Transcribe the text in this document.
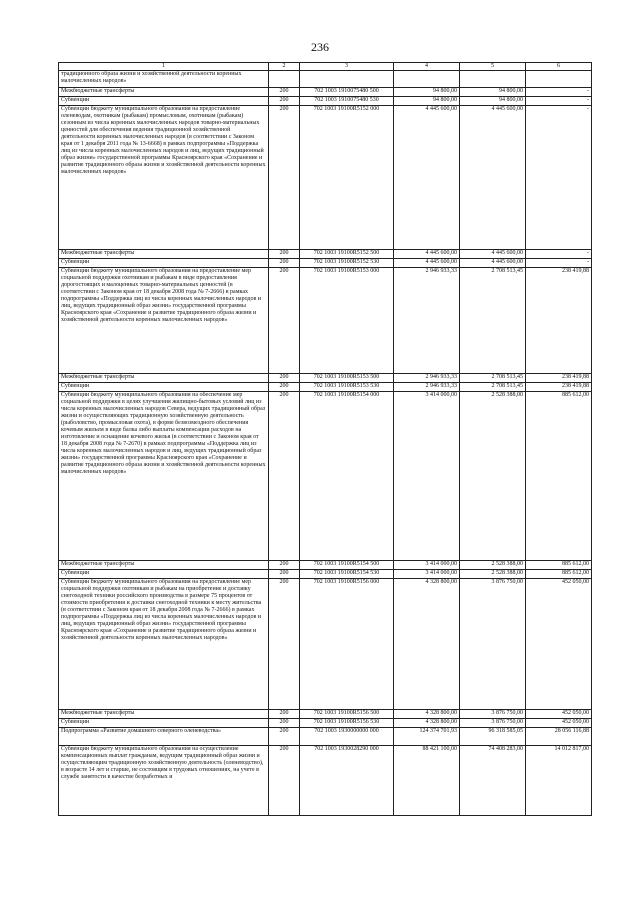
236
1	2	3	4	5	6
традиционного образа жизни и хозяйственной деятельности коренных малочисленных народов»					
Межбюджетные трансферты	200	702 1003 1910075480 500	94 800,00	94 800,00	-
Субвенции	200	702 1003 1910075480 530	94 800,00	94 800,00	-
Субвенции бюджету муниципального образования на предоставление оленеводам, охотникам (рыбакам) промысловым, охотникам (рыбакам) сезонным из числа коренных малочисленных народов товарно-материальных ценностей для обеспечения ведения традиционной хозяйственной деятельности коренных малочисленных народов (в соответствии с Законом края от 1 декабря 2011 года № 13-6668) в рамках подпрограммы «Поддержка лиц из числа коренных малочисленных народов и лиц, ведущих традиционный образ жизни» государственной программы Красноярского края «Сохранение и развитие традиционного образа жизни и хозяйственной деятельности коренных малочисленных народов»	200	702 1003 19100R5152 000	4 445 600,00	4 445 600,00	-
Межбюджетные трансферты	200	702 1003 19100R5152 500	4 445 600,00	4 445 600,00	-
Субвенции	200	702 1003 19100R5152 530	4 445 600,00	4 445 600,00	-
Субвенции бюджету муниципального образования на предоставление мер социальной поддержки охотникам и рыбакам в виде предоставления дорогостоящих и малоценных товарно-материальных ценностей (в соответствии с Законом края от 18 декабря 2008 года № 7-2666) в рамках подпрограммы «Поддержка лиц из числа коренных малочисленных народов и лиц, ведущих традиционный образ жизни» государственной программы Красноярского края «Сохранение и развитие традиционного образа жизни и хозяйственной деятельности коренных малочисленных народов»	200	702 1003 19100R5153 000	2 946 933,33	2 708 513,45	238 419,88
Межбюджетные трансферты	200	702 1003 19100R5153 500	2 946 933,33	2 708 513,45	238 419,88
Субвенции	200	702 1003 19100R5153 530	2 946 933,33	2 708 513,45	238 419,88
Субвенции бюджету муниципального образования на обеспечение мер социальной поддержки в целях улучшения жилищно-бытовых условий лиц из числа коренных малочисленных народов Севера, ведущих традиционный образ жизни и осуществляющих традиционную хозяйственную деятельность (рыболовство, промысловая охота), в форме безвозмездного обеспечения кочевым жильем в виде балка либо выплаты компенсации расходов на изготовление и оснащение кочевого жилья (в соответствии с Законом края от 18 декабря 2008 года № 7-2670) в рамках подпрограммы «Поддержка лиц из числа коренных малочисленных народов и лиц, ведущих традиционный образ жизни» государственной программы Красноярского края «Сохранение и развитие традиционного образа жизни и хозяйственной деятельности коренных малочисленных народов»	200	702 1003 19100R5154 000	3 414 000,00	2 528 388,00	885 612,00
Межбюджетные трансферты	200	702 1003 19100R5154 500	3 414 000,00	2 528 388,00	885 612,00
Субвенции	200	702 1003 19100R5154 530	3 414 000,00	2 528 388,00	885 612,00
Субвенции бюджету муниципального образования на предоставление мер социальной поддержки охотникам и рыбакам на приобретение и доставку снегоходной техники российского производства в размере 75 процентов от стоимости приобретения и доставки снегоходной техники к месту жительства (в соответствии с Законом края от 18 декабря 2008 года № 7-2666) в рамках подпрограммы «Поддержка лиц из числа коренных малочисленных народов и лиц, ведущих традиционный образ жизни» государственной программы Красноярского края «Сохранение и развитие традиционного образа жизни и хозяйственной деятельности коренных малочисленных народов»	200	702 1003 19100R5156 000	4 328 800,00	3 876 750,00	452 050,00
Межбюджетные трансферты	200	702 1003 19100R5156 500	4 328 800,00	3 876 750,00	452 050,00
Субвенции	200	702 1003 19100R5156 530	4 328 800,00	3 876 750,00	452 050,00
Подпрограмма «Развитие домашнего северного оленеводства»	200	702 1003 1930000000 000	124 374 701,93	96 318 585,05	28 056 116,88
Субвенции бюджету муниципального образования на осуществление компенсационных выплат гражданам, ведущим традиционный образ жизни и осуществляющим традиционную хозяйственную деятельность (оленеводство), в возрасте 14 лет и старше, не состоящим в трудовых отношениях, на учете в службе занятости в качестве безработных и	200	702 1003 1930028290 000	88 421 100,00	74 408 283,00	14 012 817,00
